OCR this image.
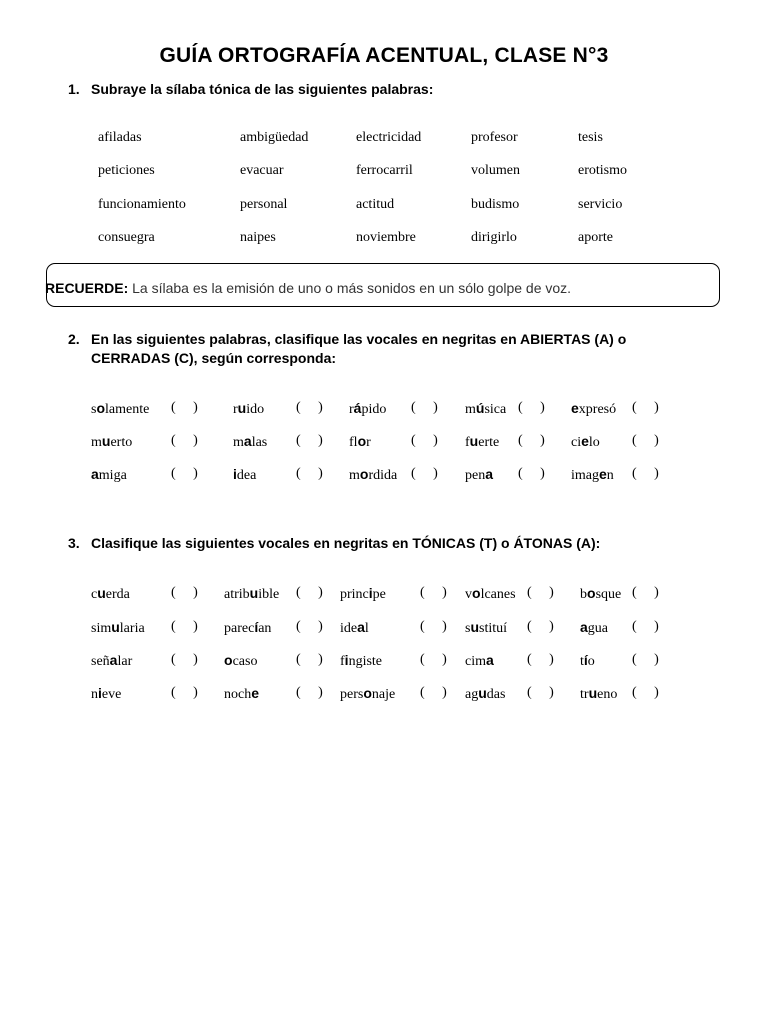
GUÍA ORTOGRAFÍA ACENTUAL, CLASE N°3
1. Subraye la sílaba tónica de las siguientes palabras:
afiladas	ambigüedad	electricidad	profesor	tesis
peticiones	evacuar	ferrocarril	volumen	erotismo
funcionamiento	personal	actitud	budismo	servicio
consuegra	naipes	noviembre	dirigirlo	aporte
RECUERDE: La sílaba es la emisión de uno o más sonidos en un sólo golpe de voz.
2. En las siguientes palabras, clasifique las vocales en negritas en ABIERTAS (A) o CERRADAS (C), según corresponda:
solamente (     )	ruido (     ) rápido (     ) música (     ) expresó (     )
muerto	(     )	malas (     ) flor	(     ) fuerte (     ) cielo (     )
amiga	(     )	idea	(     ) mordida (     ) pena (     ) imagen (     )
3. Clasifique las siguientes vocales en negritas en TÓNICAS (T) o ÁTONAS (A):
cuerda	(     ) atribuible (     ) principe (     ) volcanes (     ) bosque (     )
simularia (     ) parecían (     ) ideal	(     ) sustituí (     ) agua (     )
señalar	(     ) ocaso	(     ) fingiste	(     ) cima (     ) tío	(     )
nieve	(     ) noche	(     ) personaje (     ) agudas (     ) trueno (     )
